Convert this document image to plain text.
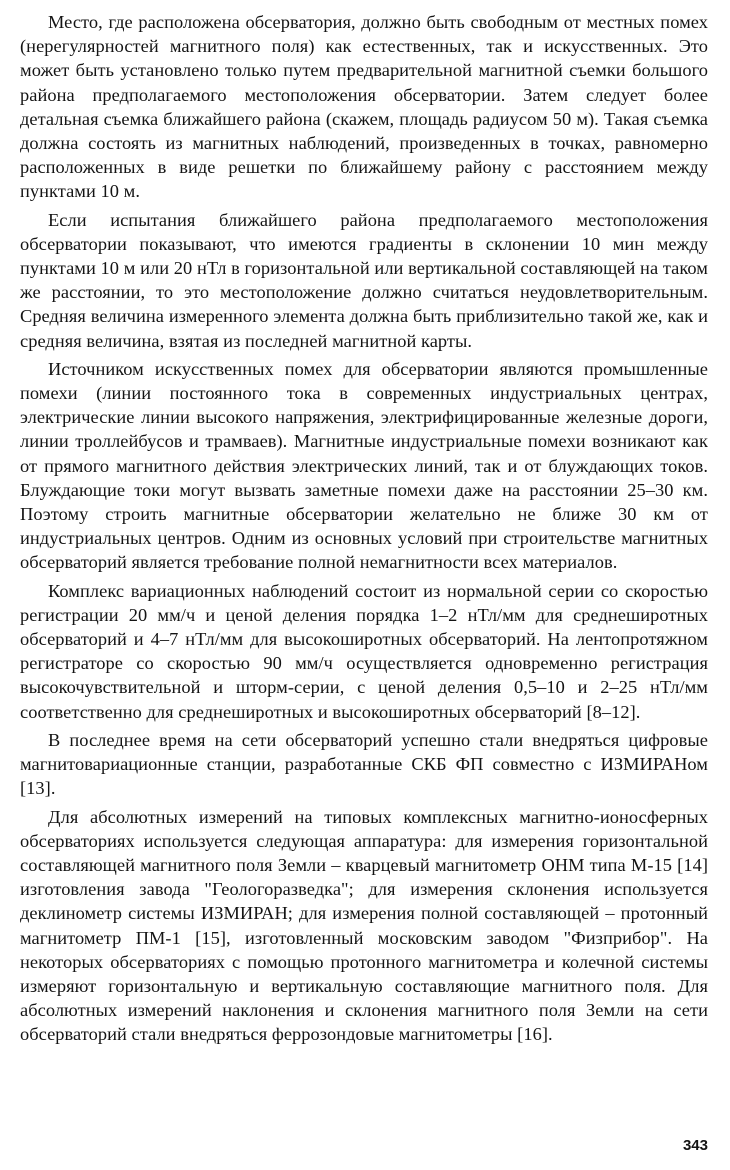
Место, где расположена обсерватория, должно быть свободным от местных помех (нерегулярностей магнитного поля) как естественных, так и искусственных. Это может быть установлено только путем предварительной магнитной съемки большого района предполагаемого местоположения обсерватории. Затем следует более детальная съемка ближайшего района (скажем, площадь радиусом 50 м). Такая съемка должна состоять из магнитных наблюдений, произведенных в точках, равномерно расположенных в виде решетки по ближайшему району с расстоянием между пунктами 10 м.

Если испытания ближайшего района предполагаемого местоположения обсерватории показывают, что имеются градиенты в склонении 10 мин между пунктами 10 м или 20 нТл в горизонтальной или вертикальной составляющей на таком же расстоянии, то это местоположение должно считаться неудовлетворительным. Средняя величина измеренного элемента должна быть приблизительно такой же, как и средняя величина, взятая из последней магнитной карты.

Источником искусственных помех для обсерватории являются промышленные помехи (линии постоянного тока в современных индустриальных центрах, электрические линии высокого напряжения, электрифицированные железные дороги, линии троллейбусов и трамваев). Магнитные индустриальные помехи возникают как от прямого магнитного действия электрических линий, так и от блуждающих токов. Блуждающие токи могут вызвать заметные помехи даже на расстоянии 25–30 км. Поэтому строить магнитные обсерватории желательно не ближе 30 км от индустриальных центров. Одним из основных условий при строительстве магнитных обсерваторий является требование полной немагнитности всех материалов.

Комплекс вариационных наблюдений состоит из нормальной серии со скоростью регистрации 20 мм/ч и ценой деления порядка 1–2 нТл/мм для среднеширотных обсерваторий и 4–7 нТл/мм для высокоширотных обсерваторий. На лентопротяжном регистраторе со скоростью 90 мм/ч осуществляется одновременно регистрация высокочувствительной и шторм-серии, с ценой деления 0,5–10 и 2–25 нТл/мм соответственно для среднеширотных и высокоширотных обсерваторий [8–12].

В последнее время на сети обсерваторий успешно стали внедряться цифровые магнитовариационные станции, разработанные СКБ ФП совместно с ИЗМИРАНом [13].

Для абсолютных измерений на типовых комплексных магнитно-ионосферных обсерваториях используется следующая аппаратура: для измерения горизонтальной составляющей магнитного поля Земли – кварцевый магнитометр ОНМ типа М-15 [14] изготовления завода "Геологоразведка"; для измерения склонения используется деклинометр системы ИЗМИРАН; для измерения полной составляющей – протонный магнитометр ПМ-1 [15], изготовленный московским заводом "Физприбор". На некоторых обсерваториях с помощью протонного магнитометра и колечной системы измеряют горизонтальную и вертикальную составляющие магнитного поля. Для абсолютных измерений наклонения и склонения магнитного поля Земли на сети обсерваторий стали внедряться феррозондовые магнитометры [16].

343
